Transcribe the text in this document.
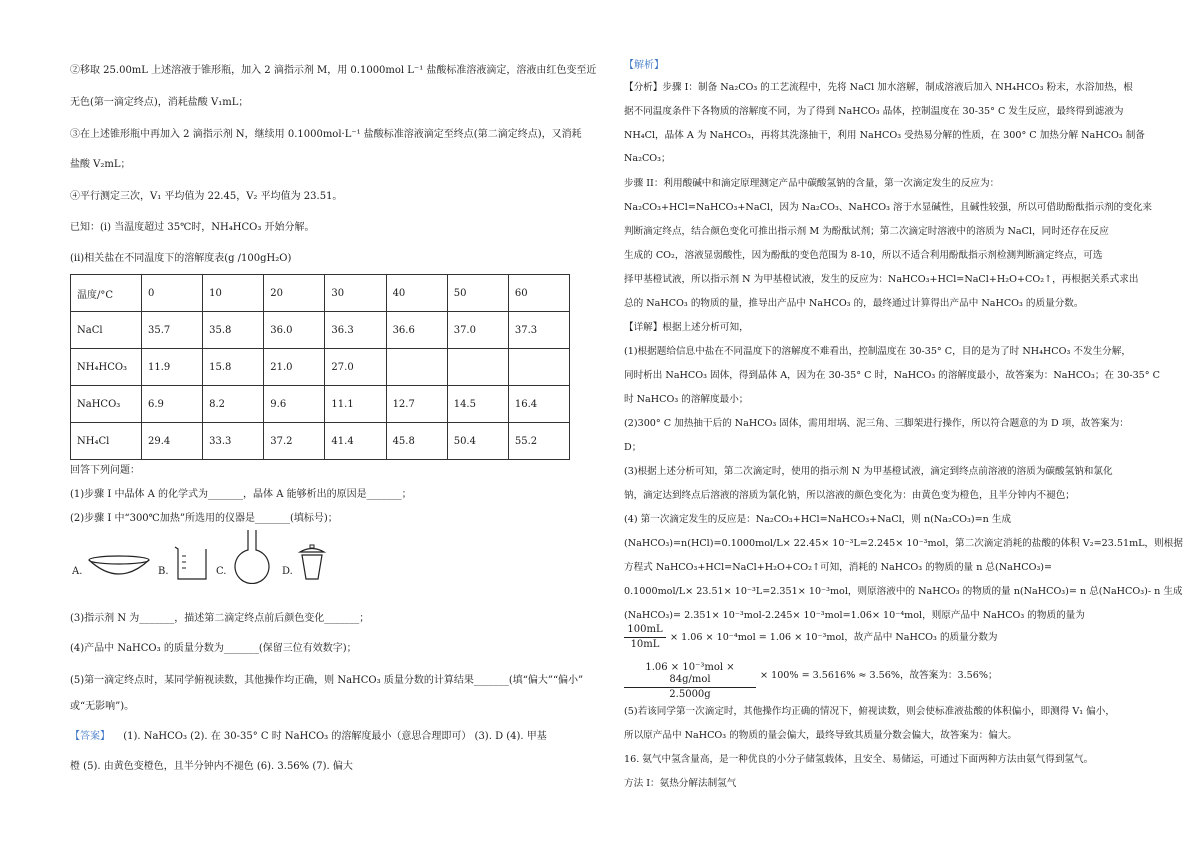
②移取 25.00mL 上述溶液于锥形瓶，加入 2 滴指示剂 M，用 0.1000mol L⁻¹ 盐酸标准溶液滴定，溶液由红色变至近
无色(第一滴定终点)，消耗盐酸 V₁mL；
③在上述锥形瓶中再加入 2 滴指示剂 N，继续用 0.1000mol·L⁻¹ 盐酸标准溶液滴定至终点(第二滴定终点)，又消耗
盐酸 V₂mL；
④平行测定三次，V₁ 平均值为 22.45，V₂ 平均值为 23.51。
已知：(i) 当温度超过 35℃时，NH₄HCO₃ 开始分解。
(ii)相关盐在不同温度下的溶解度表(g /100gH₂O)
温度/°C	0	10	20	30	40	50	60
NaCl	35.7	35.8	36.0	36.3	36.6	37.0	37.3
NH₄HCO₃	11.9	15.8	21.0	27.0			
NaHCO₃	6.9	8.2	9.6	11.1	12.7	14.5	16.4
NH₄Cl	29.4	33.3	37.2	41.4	45.8	50.4	55.2
回答下列问题：
(1)步骤 I 中晶体 A 的化学式为_______，晶体 A 能够析出的原因是_______；
(2)步骤 I 中“300℃加热”所选用的仪器是_______(填标号)；
A.	B.	C.	D.
(3)指示剂 N 为_______，描述第二滴定终点前后颜色变化_______；
(4)产品中 NaHCO₃ 的质量分数为_______(保留三位有效数字)；
(5)第一滴定终点时，某同学俯视读数，其他操作均正确，则 NaHCO₃ 质量分数的计算结果_______(填“偏大”“偏小”
或“无影响”)。
【答案】 (1). NaHCO₃ (2). 在 30-35° C 时 NaHCO₃ 的溶解度最小（意思合理即可） (3). D (4). 甲基
橙 (5). 由黄色变橙色，且半分钟内不褪色 (6). 3.56% (7). 偏大
【解析】
【分析】步骤 I：制备 Na₂CO₃ 的工艺流程中，先将 NaCl 加水溶解，制成溶液后加入 NH₄HCO₃ 粉末，水浴加热，根
据不同温度条件下各物质的溶解度不同，为了得到 NaHCO₃ 晶体，控制温度在 30-35° C 发生反应，最终得到滤液为
NH₄Cl，晶体 A 为 NaHCO₃，再将其洗涤抽干，利用 NaHCO₃ 受热易分解的性质，在 300° C 加热分解 NaHCO₃ 制备
Na₂CO₃；
步骤 II：利用酸碱中和滴定原理测定产品中碳酸氢钠的含量，第一次滴定发生的反应为：
Na₂CO₃+HCl=NaHCO₃+NaCl，因为 Na₂CO₃、NaHCO₃ 溶于水显碱性，且碱性较强，所以可借助酚酞指示剂的变化来
判断滴定终点，结合颜色变化可推出指示剂 M 为酚酞试剂；第二次滴定时溶液中的溶质为 NaCl，同时还存在反应
生成的 CO₂，溶液显弱酸性，因为酚酞的变色范围为 8-10，所以不适合利用酚酞指示剂检测判断滴定终点，可选
择甲基橙试液，所以指示剂 N 为甲基橙试液，发生的反应为：NaHCO₃+HCl=NaCl+H₂O+CO₂↑，再根据关系式求出
总的 NaHCO₃ 的物质的量，推导出产品中 NaHCO₃ 的，最终通过计算得出产品中 NaHCO₃ 的质量分数。
【详解】根据上述分析可知，
(1)根据题给信息中盐在不同温度下的溶解度不难看出，控制温度在 30-35° C，目的是为了时 NH₄HCO₃ 不发生分解，
同时析出 NaHCO₃ 固体，得到晶体 A，因为在 30-35° C 时，NaHCO₃ 的溶解度最小，故答案为：NaHCO₃；在 30-35° C
时 NaHCO₃ 的溶解度最小；
(2)300° C 加热抽干后的 NaHCO₃ 固体，需用坩埚、泥三角、三脚架进行操作，所以符合题意的为 D 项，故答案为：
D；
(3)根据上述分析可知，第二次滴定时，使用的指示剂 N 为甲基橙试液，滴定到终点前溶液的溶质为碳酸氢钠和氯化
钠，滴定达到终点后溶液的溶质为氯化钠，所以溶液的颜色变化为：由黄色变为橙色，且半分钟内不褪色；
(4) 第一次滴定发生的反应是：Na₂CO₃+HCl=NaHCO₃+NaCl，则 n(Na₂CO₃)=n 生成
(NaHCO₃)=n(HCl)=0.1000mol/L× 22.45× 10⁻³L=2.245× 10⁻³mol，第二次滴定消耗的盐酸的体积 V₂=23.51mL，则根据
方程式 NaHCO₃+HCl=NaCl+H₂O+CO₂↑可知，消耗的 NaHCO₃ 的物质的量 n 总(NaHCO₃)=
0.1000mol/L× 23.51× 10⁻³L=2.351× 10⁻³mol，则原溶液中的 NaHCO₃ 的物质的量 n(NaHCO₃)= n 总(NaHCO₃)- n 生成
(NaHCO₃)= 2.351× 10⁻³mol-2.245× 10⁻³mol=1.06× 10⁻⁴mol，则原产品中 NaHCO₃ 的物质的量为
100mL
10mL
× 1.06 × 10⁻⁴mol = 1.06 × 10⁻³mol，故产品中 NaHCO₃ 的质量分数为
1.06 × 10⁻³mol × 84g/mol
2.5000g
× 100% = 3.5616% ≈ 3.56%，故答案为：3.56%；
(5)若该同学第一次滴定时，其他操作均正确的情况下，俯视读数，则会使标准液盐酸的体积偏小，即测得 V₁ 偏小，
所以原产品中 NaHCO₃ 的物质的量会偏大，最终导致其质量分数会偏大，故答案为：偏大。
16. 氨气中氢含量高，是一种优良的小分子储氢载体，且安全、易储运，可通过下面两种方法由氨气得到氢气。
方法 I：氨热分解法制氢气
